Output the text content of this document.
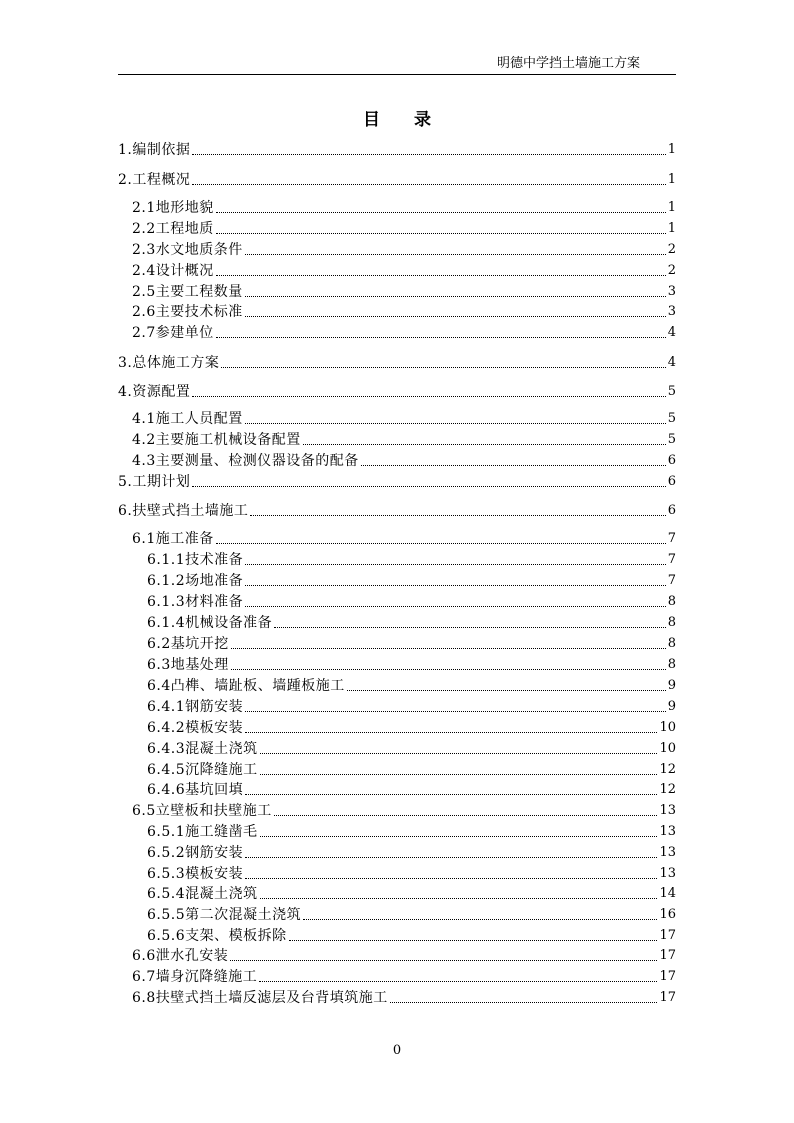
明德中学挡土墙施工方案
目 录
1.编制依据	1
2.工程概况	1
2.1地形地貌	1
2.2工程地质	1
2.3水文地质条件	2
2.4设计概况	2
2.5主要工程数量	3
2.6主要技术标准	3
2.7参建单位	4
3.总体施工方案	4
4.资源配置	5
4.1施工人员配置	5
4.2主要施工机械设备配置	5
4.3主要测量、检测仪器设备的配备	6
5.工期计划	6
6.扶壁式挡土墙施工	6
6.1施工准备	7
6.1.1技术准备	7
6.1.2场地准备	7
6.1.3材料准备	8
6.1.4机械设备准备	8
6.2基坑开挖	8
6.3地基处理	8
6.4凸榫、墙趾板、墙踵板施工	9
6.4.1钢筋安装	9
6.4.2模板安装	10
6.4.3混凝土浇筑	10
6.4.5沉降缝施工	12
6.4.6基坑回填	12
6.5立壁板和扶壁施工	13
6.5.1施工缝凿毛	13
6.5.2钢筋安装	13
6.5.3模板安装	13
6.5.4混凝土浇筑	14
6.5.5第二次混凝土浇筑	16
6.5.6支架、模板拆除	17
6.6泄水孔安装	17
6.7墙身沉降缝施工	17
6.8扶壁式挡土墙反滤层及台背填筑施工	17
0
